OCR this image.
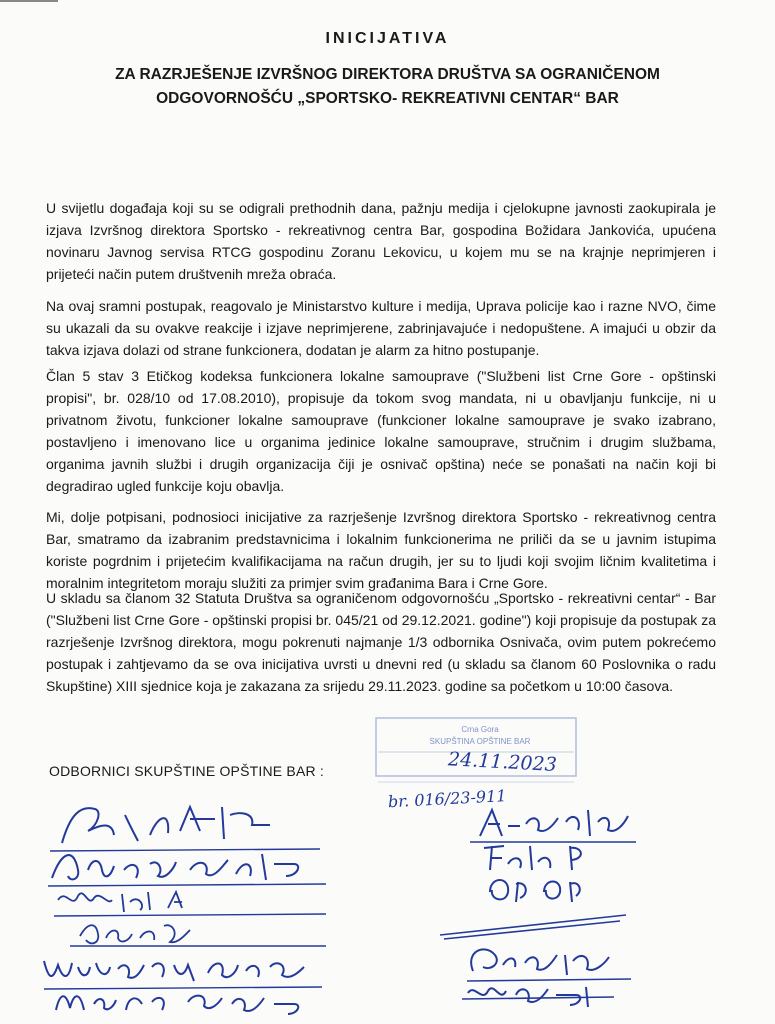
INICIJATIVA
ZA RAZRJEŠENJE IZVRŠNOG DIREKTORA DRUŠTVA SA OGRANIČENOM
ODGOVORNOŠĆU „SPORTSKO- REKREATIVNI CENTAR“ BAR
U svijetlu događaja koji su se odigrali prethodnih dana, pažnju medija i cjelokupne javnosti zaokupirala je izjava Izvršnog direktora Sportsko - rekreativnog centra Bar, gospodina Božidara Jankovića, upućena novinaru Javnog servisa RTCG gospodinu Zoranu Lekovicu, u kojem mu se na krajnje neprimjeren i prijeteći način putem društvenih mreža obraća.
Na ovaj sramni postupak, reagovalo je Ministarstvo kulture i medija, Uprava policije kao i razne NVO, čime su ukazali da su ovakve reakcije i izjave neprimjerene, zabrinjavajuće i nedopuštene. A imajući u obzir da takva izjava dolazi od strane funkcionera, dodatan je alarm za hitno postupanje.
Član 5 stav 3 Etičkog kodeksa funkcionera lokalne samouprave ("Službeni list Crne Gore - opštinski propisi", br. 028/10 od 17.08.2010), propisuje da tokom svog mandata, ni u obavljanju funkcije, ni u privatnom životu, funkcioner lokalne samouprave (funkcioner lokalne samouprave je svako izabrano, postavljeno i imenovano lice u organima jedinice lokalne samouprave, stručnim i drugim službama, organima javnih službi i drugih organizacija čiji je osnivač opština) neće se ponašati na način koji bi degradirao ugled funkcije koju obavlja.
Mi, dolje potpisani, podnosioci inicijative za razrješenje Izvršnog direktora Sportsko - rekreativnog centra Bar, smatramo da izabranim predstavnicima i lokalnim funkcionerima ne priliči da se u javnim istupima koriste pogrdnim i prijetećim kvalifikacijama na račun drugih, jer su to ljudi koji svojim ličnim kvalitetima i moralnim integritetom moraju služiti za primjer svim građanima Bara i Crne Gore.
U skladu sa članom 32 Statuta Društva sa ograničenom odgovornošću „Sportsko - rekreativni centar“ - Bar ("Službeni list Crne Gore - opštinski propisi br. 045/21 od 29.12.2021. godine") koji propisuje da postupak za razrješenje Izvršnog direktora, mogu pokrenuti najmanje 1/3 odbornika Osnivača, ovim putem pokrećemo postupak i zahtjevamo da se ova inicijativa uvrsti u dnevni red (u skladu sa članom 60 Poslovnika o radu Skupštine) XIII sjednice koja je zakazana za srijedu 29.11.2023. godine sa početkom u 10:00 časova.
ODBORNICI SKUPŠTINE OPŠTINE BAR :
Crna Gora
SKUPŠTINA OPŠTINE BAR
24.11.2023
br. 016/23-911
